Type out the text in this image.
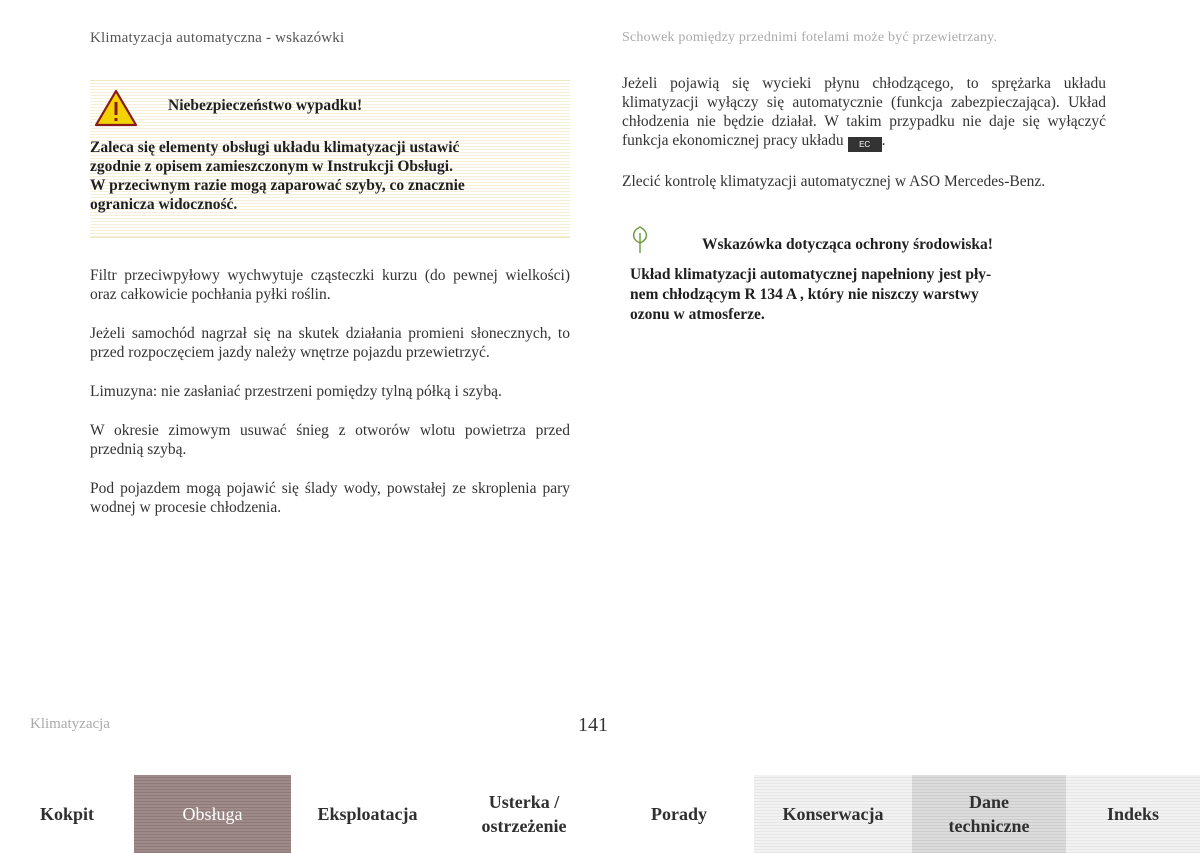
Klimatyzacja automatyczna - wskazówki	Schowek pomiędzy przednimi fotelami może być przewietrzany.
Niebezpieczeństwo wypadku!
Zaleca się elementy obsługi układu klimatyzacji ustawić
zgodnie z opisem zamieszczonym w Instrukcji Obsługi.
W przeciwnym razie mogą zaparować szyby, co znacznie
ogranicza widoczność.

Filtr przeciwpyłowy wychwytuje cząsteczki kurzu (do pewnej wielkości) oraz całkowicie pochłania pyłki roślin.

Jeżeli samochód nagrzał się na skutek działania promieni słonecznych, to przed rozpoczęciem jazdy należy wnętrze pojazdu przewietrzyć.

Limuzyna: nie zasłaniać przestrzeni pomiędzy tylną półką i szybą.

W okresie zimowym usuwać śnieg z otworów wlotu powietrza przed przednią szybą.

Pod pojazdem mogą pojawić się ślady wody, powstałej ze skroplenia pary wodnej w procesie chłodzenia.

Jeżeli pojawią się wycieki płynu chłodzącego, to sprężarka układu klimatyzacji wyłączy się automatycznie (funkcja zabezpieczająca). Układ chłodzenia nie będzie działał. W takim przypadku nie daje się wyłączyć funkcja ekonomicznej pracy układu EC .

Zlecić kontrolę klimatyzacji automatycznej w ASO Mercedes-Benz.

Wskazówka dotycząca ochrony środowiska!
Układ klimatyzacji automatycznej napełniony jest pły-
nem chłodzącym R 134 A , który nie niszczy warstwy
ozonu w atmosferze.
Klimatyzacja	141
Kokpit	Obsługa	Eksploatacja
Usterka /
ostrzeżenie
Porady	Konserwacja
Dane
techniczne
Indeks
